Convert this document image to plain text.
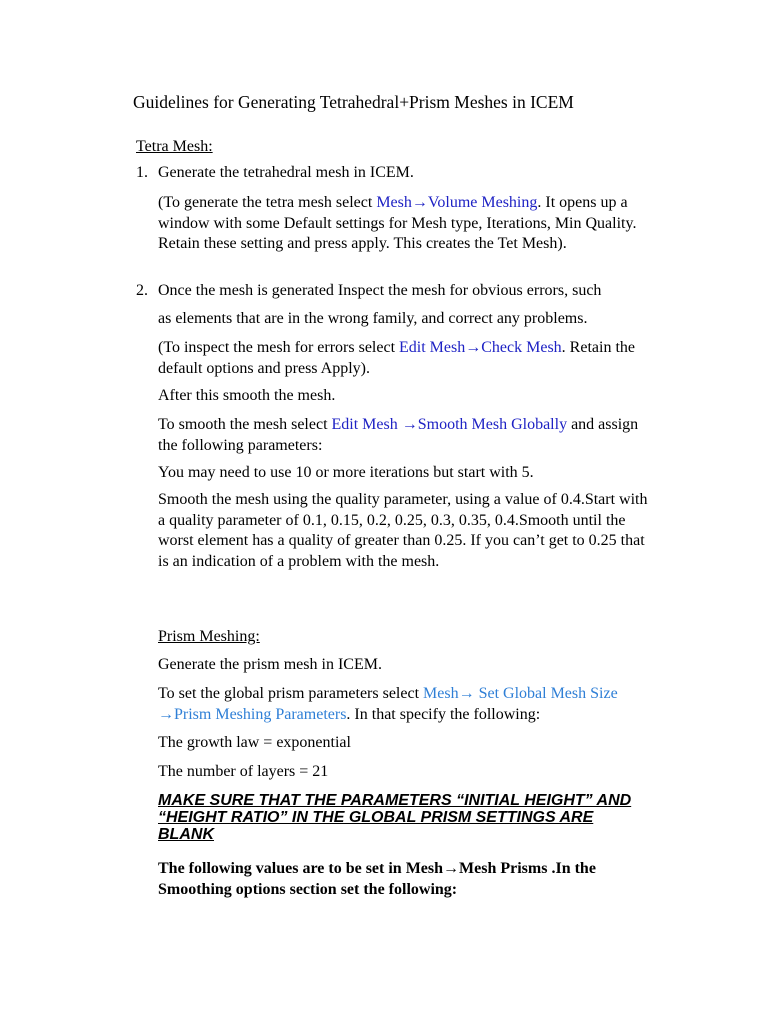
Guidelines for Generating Tetrahedral+Prism Meshes in ICEM
Tetra Mesh:
1. Generate the tetrahedral mesh in ICEM.
(To generate the tetra mesh select Mesh→Volume Meshing. It opens up a window with some Default settings for Mesh type, Iterations, Min Quality. Retain these setting and press apply. This creates the Tet Mesh).
2. Once the mesh is generated Inspect the mesh for obvious errors, such
as elements that are in the wrong family, and correct any problems.
(To inspect the mesh for errors select Edit Mesh→Check Mesh. Retain the default options and press Apply).
After this smooth the mesh.
To smooth the mesh select Edit Mesh →Smooth Mesh Globally and assign the following parameters:
You may need to use 10 or more iterations but start with 5.
Smooth the mesh using the quality parameter, using a value of 0.4.Start with a quality parameter of 0.1, 0.15, 0.2, 0.25, 0.3, 0.35, 0.4.Smooth until the worst element has a quality of greater than 0.25. If you can’t get to 0.25 that is an indication of a problem with the mesh.
Prism Meshing:
Generate the prism mesh in ICEM.
To set the global prism parameters select Mesh→ Set Global Mesh Size →Prism Meshing Parameters. In that specify the following:
The growth law = exponential
The number of layers = 21
MAKE SURE THAT THE PARAMETERS “INITIAL HEIGHT” AND “HEIGHT RATIO” IN THE GLOBAL PRISM SETTINGS ARE BLANK
The following values are to be set in Mesh→Mesh Prisms .In the Smoothing options section set the following:
